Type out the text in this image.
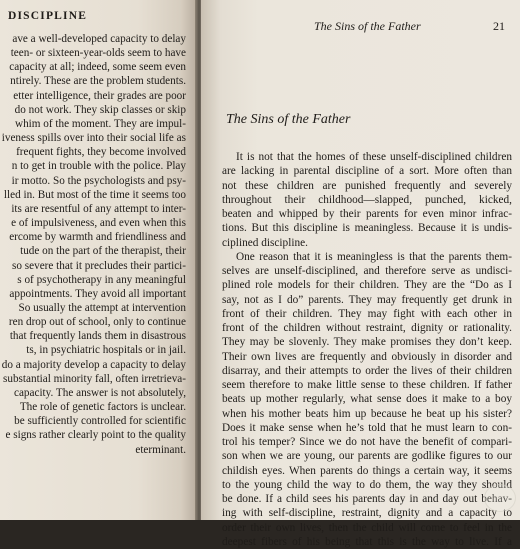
DISCIPLINE
ave a well-developed capacity to delay
teen- or sixteen-year-olds seem to have
capacity at all; indeed, some seem even
ntirely. These are the problem students.
etter intelligence, their grades are poor
do not work. They skip classes or skip
whim of the moment. They are impul-
iveness spills over into their social life as
frequent fights, they become involved
n to get in trouble with the police. Play
ir motto. So the psychologists and psy-
lled in. But most of the time it seems too
its are resentful of any attempt to inter-
e of impulsiveness, and even when this
ercome by warmth and friendliness and
tude on the part of the therapist, their
so severe that it precludes their partici-
s of psychotherapy in any meaningful
appointments. They avoid all important
So usually the attempt at intervention
ren drop out of school, only to continue
that frequently lands them in disastrous
ts, in psychiatric hospitals or in jail.
do a majority develop a capacity to delay
substantial minority fall, often irretrieva-
capacity. The answer is not absolutely,
The role of genetic factors is unclear.
be sufficiently controlled for scientific
e signs rather clearly point to the quality
eterminant.
The Sins of the Father	21
The Sins of the Father
It is not that the homes of these unself-disciplined children
are lacking in parental discipline of a sort. More often than
not these children are punished frequently and severely
throughout their childhood—slapped, punched, kicked,
beaten and whipped by their parents for even minor infrac-
tions. But this discipline is meaningless. Because it is undis-
ciplined discipline.
One reason that it is meaningless is that the parents them-
selves are unself-disciplined, and therefore serve as undisci-
plined role models for their children. They are the “Do as I
say, not as I do” parents. They may frequently get drunk in
front of their children. They may fight with each other in
front of the children without restraint, dignity or rationality.
They may be slovenly. They make promises they don’t keep.
Their own lives are frequently and obviously in disorder and
disarray, and their attempts to order the lives of their children
seem therefore to make little sense to these children. If father
beats up mother regularly, what sense does it make to a boy
when his mother beats him up because he beat up his sister?
Does it make sense when he’s told that he must learn to con-
trol his temper? Since we do not have the benefit of compari-
son when we are young, our parents are godlike figures to our
childish eyes. When parents do things a certain way, it seems
to the young child the way to do them, the way they should
be done. If a child sees his parents day in and day out behav-
ing with self-discipline, restraint, dignity and a capacity to
order their own lives, then the child will come to feel in the
deepest fibers of his being that this is the way to live. If a
